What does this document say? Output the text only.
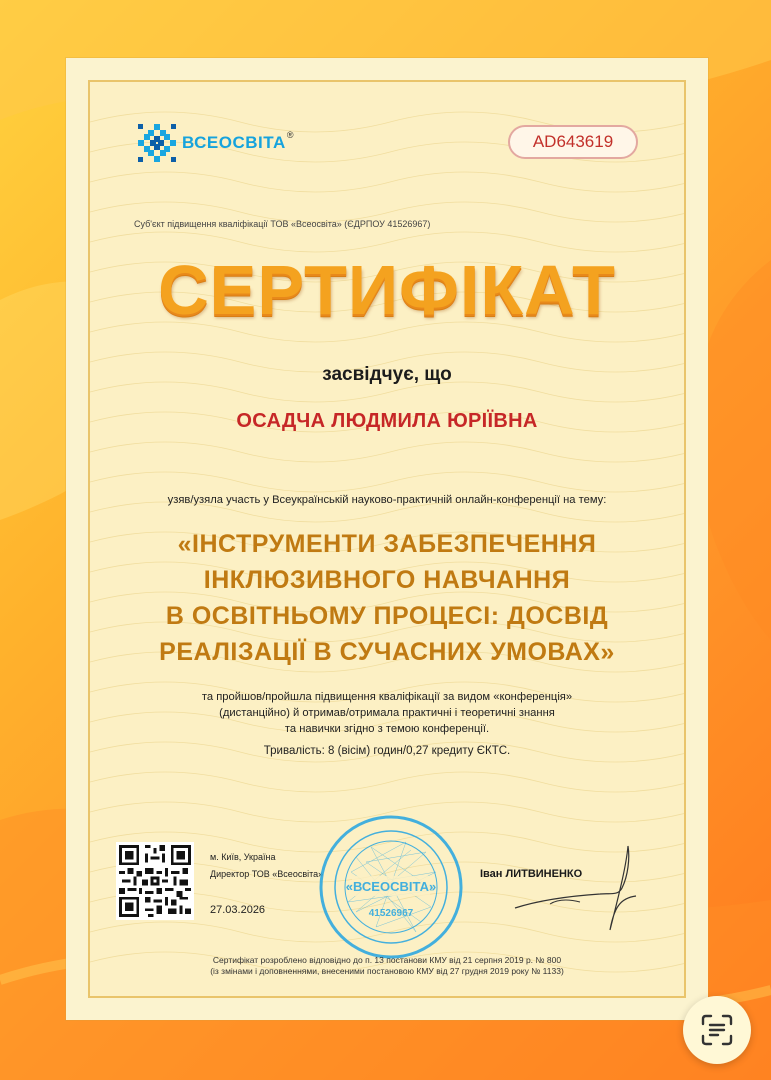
ВСЕОСВІТА ®	AD643619
Суб'єкт підвищення кваліфікації ТОВ «Всеосвіта» (ЄДРПОУ 41526967)
СЕРТИФІКАТ
засвідчує, що
ОСАДЧА ЛЮДМИЛА ЮРІЇВНА
узяв/узяла участь у Всеукраїнській науково-практичній онлайн-конференції на тему:
«ІНСТРУМЕНТИ ЗАБЕЗПЕЧЕННЯ
ІНКЛЮЗИВНОГО НАВЧАННЯ
В ОСВІТНЬОМУ ПРОЦЕСІ: ДОСВІД
РЕАЛІЗАЦІЇ В СУЧАСНИХ УМОВАХ»
та пройшов/пройшла підвищення кваліфікації за видом «конференція»
(дистанційно) й отримав/отримала практичні і теоретичні знання
та навички згідно з темою конференції.
Тривалість: 8 (вісім) годин/0,27 кредиту ЄКТС.
м. Київ, Україна
Директор ТОВ «Всеосвіта»
27.03.2026
Іван ЛИТВИНЕНКО
«ВСЕОСВІТА»
41526967
Сертифікат розроблено відповідно до п. 13 постанови КМУ від 21 серпня 2019 р. № 800
(із змінами і доповненнями, внесеними постановою КМУ від 27 грудня 2019 року № 1133)
